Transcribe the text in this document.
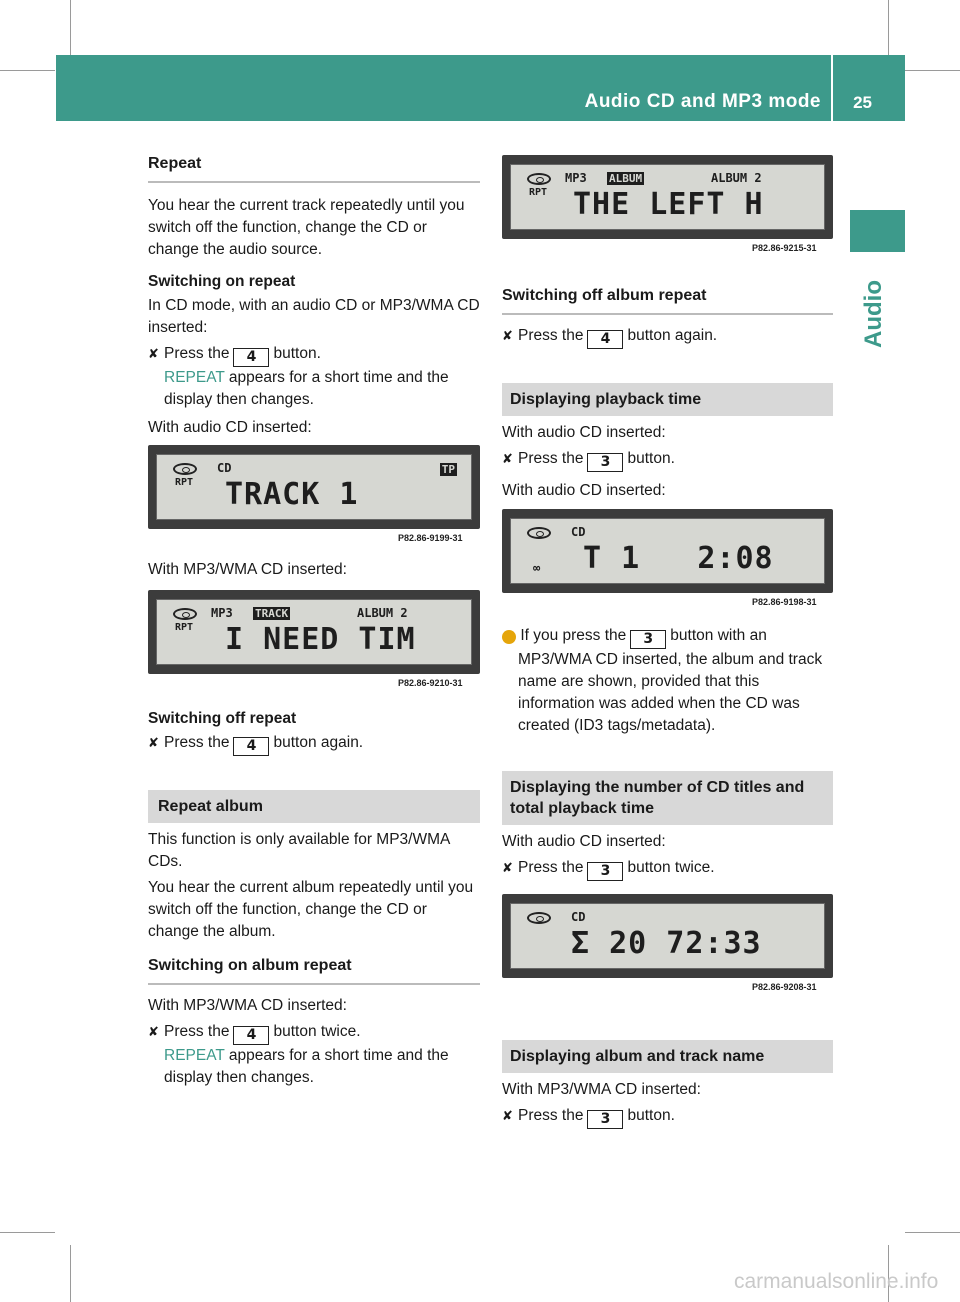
Audio CD and MP3 mode 25
Audio
Repeat
You hear the current track repeatedly until you switch off the function, change the CD or change the audio source.
Switching on repeat
In CD mode, with an audio CD or MP3/WMA CD inserted:
✘ Press the 4 button.
REPEAT appears for a short time and the display then changes.
With audio CD inserted:
CD
RPT
TP
TRACK 1
P82.86-9199-31
With MP3/WMA CD inserted:
MP3 TRACK	ALBUM 2
RPT I NEED TIM
P82.86-9210-31
Switching off repeat
✘ Press the 4 button again.
Repeat album
This function is only available for MP3/WMA CDs.
You hear the current album repeatedly until you switch off the function, change the CD or change the album.
Switching on album repeat
With MP3/WMA CD inserted:
✘ Press the 4 button twice.
REPEAT appears for a short time and the display then changes.
MP3 ALBUM	ALBUM 2
RPT THE LEFT H
P82.86-9215-31
Switching off album repeat
✘ Press the 4 button again.
Displaying playback time
With audio CD inserted:
✘ Press the 3 button.
With audio CD inserted:
CD
∞ T 1   2:08
P82.86-9198-31
i If you press the 3 button with an MP3/WMA CD inserted, the album and track name are shown, provided that this information was added when the CD was created (ID3 tags/metadata).
Displaying the number of CD titles and total playback time
With audio CD inserted:
✘ Press the 3 button twice.
CD
Σ 20 72:33
P82.86-9208-31
Displaying album and track name
With MP3/WMA CD inserted:
✘ Press the 3 button.
carmanualsonline.info
